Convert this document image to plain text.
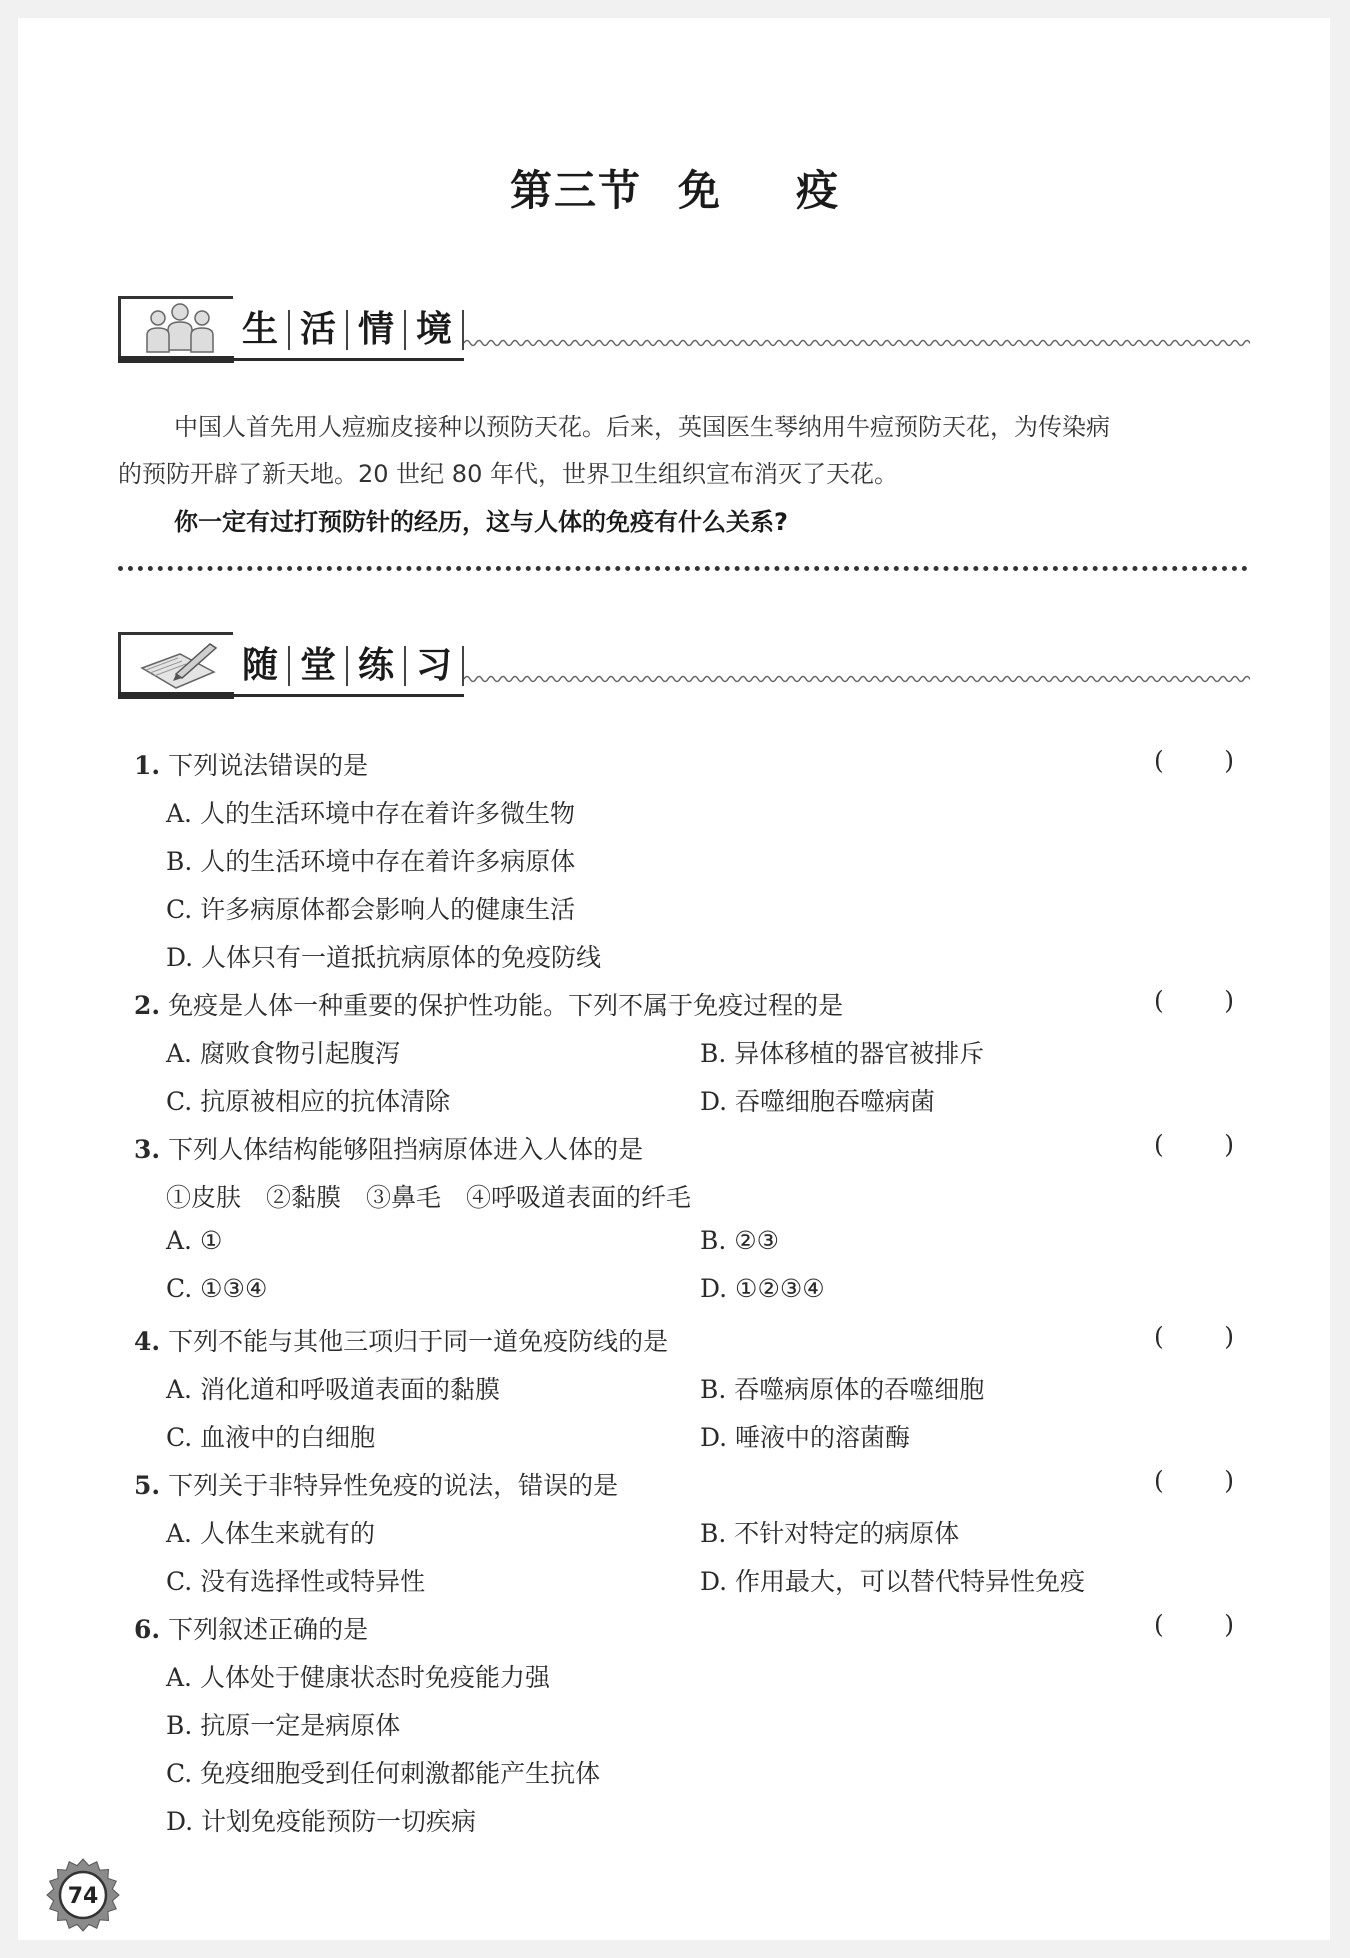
第三节 免 疫
生 活 情 境

中国人首先用人痘痂皮接种以预防天花。后来，英国医生琴纳用牛痘预防天花，为传染病

的预防开辟了新天地。20 世纪 80 年代，世界卫生组织宣布消灭了天花。

你一定有过打预防针的经历，这与人体的免疫有什么关系?
随 堂 练 习
1. 下列说法错误的是	( )
A. 人的生活环境中存在着许多微生物
B. 人的生活环境中存在着许多病原体
C. 许多病原体都会影响人的健康生活
D. 人体只有一道抵抗病原体的免疫防线
2. 免疫是人体一种重要的保护性功能。下列不属于免疫过程的是	( )
A. 腐败食物引起腹泻	B. 异体移植的器官被排斥
C. 抗原被相应的抗体清除	D. 吞噬细胞吞噬病菌
3. 下列人体结构能够阻挡病原体进入人体的是	( )
①皮肤　②黏膜　③鼻毛　④呼吸道表面的纤毛
A. ①	B. ②③
C. ①③④	D. ①②③④
4. 下列不能与其他三项归于同一道免疫防线的是	( )
A. 消化道和呼吸道表面的黏膜	B. 吞噬病原体的吞噬细胞
C. 血液中的白细胞	D. 唾液中的溶菌酶
5. 下列关于非特异性免疫的说法，错误的是	( )
A. 人体生来就有的	B. 不针对特定的病原体
C. 没有选择性或特异性	D. 作用最大，可以替代特异性免疫
6. 下列叙述正确的是	( )
A. 人体处于健康状态时免疫能力强
B. 抗原一定是病原体
C. 免疫细胞受到任何刺激都能产生抗体
D. 计划免疫能预防一切疾病
74
